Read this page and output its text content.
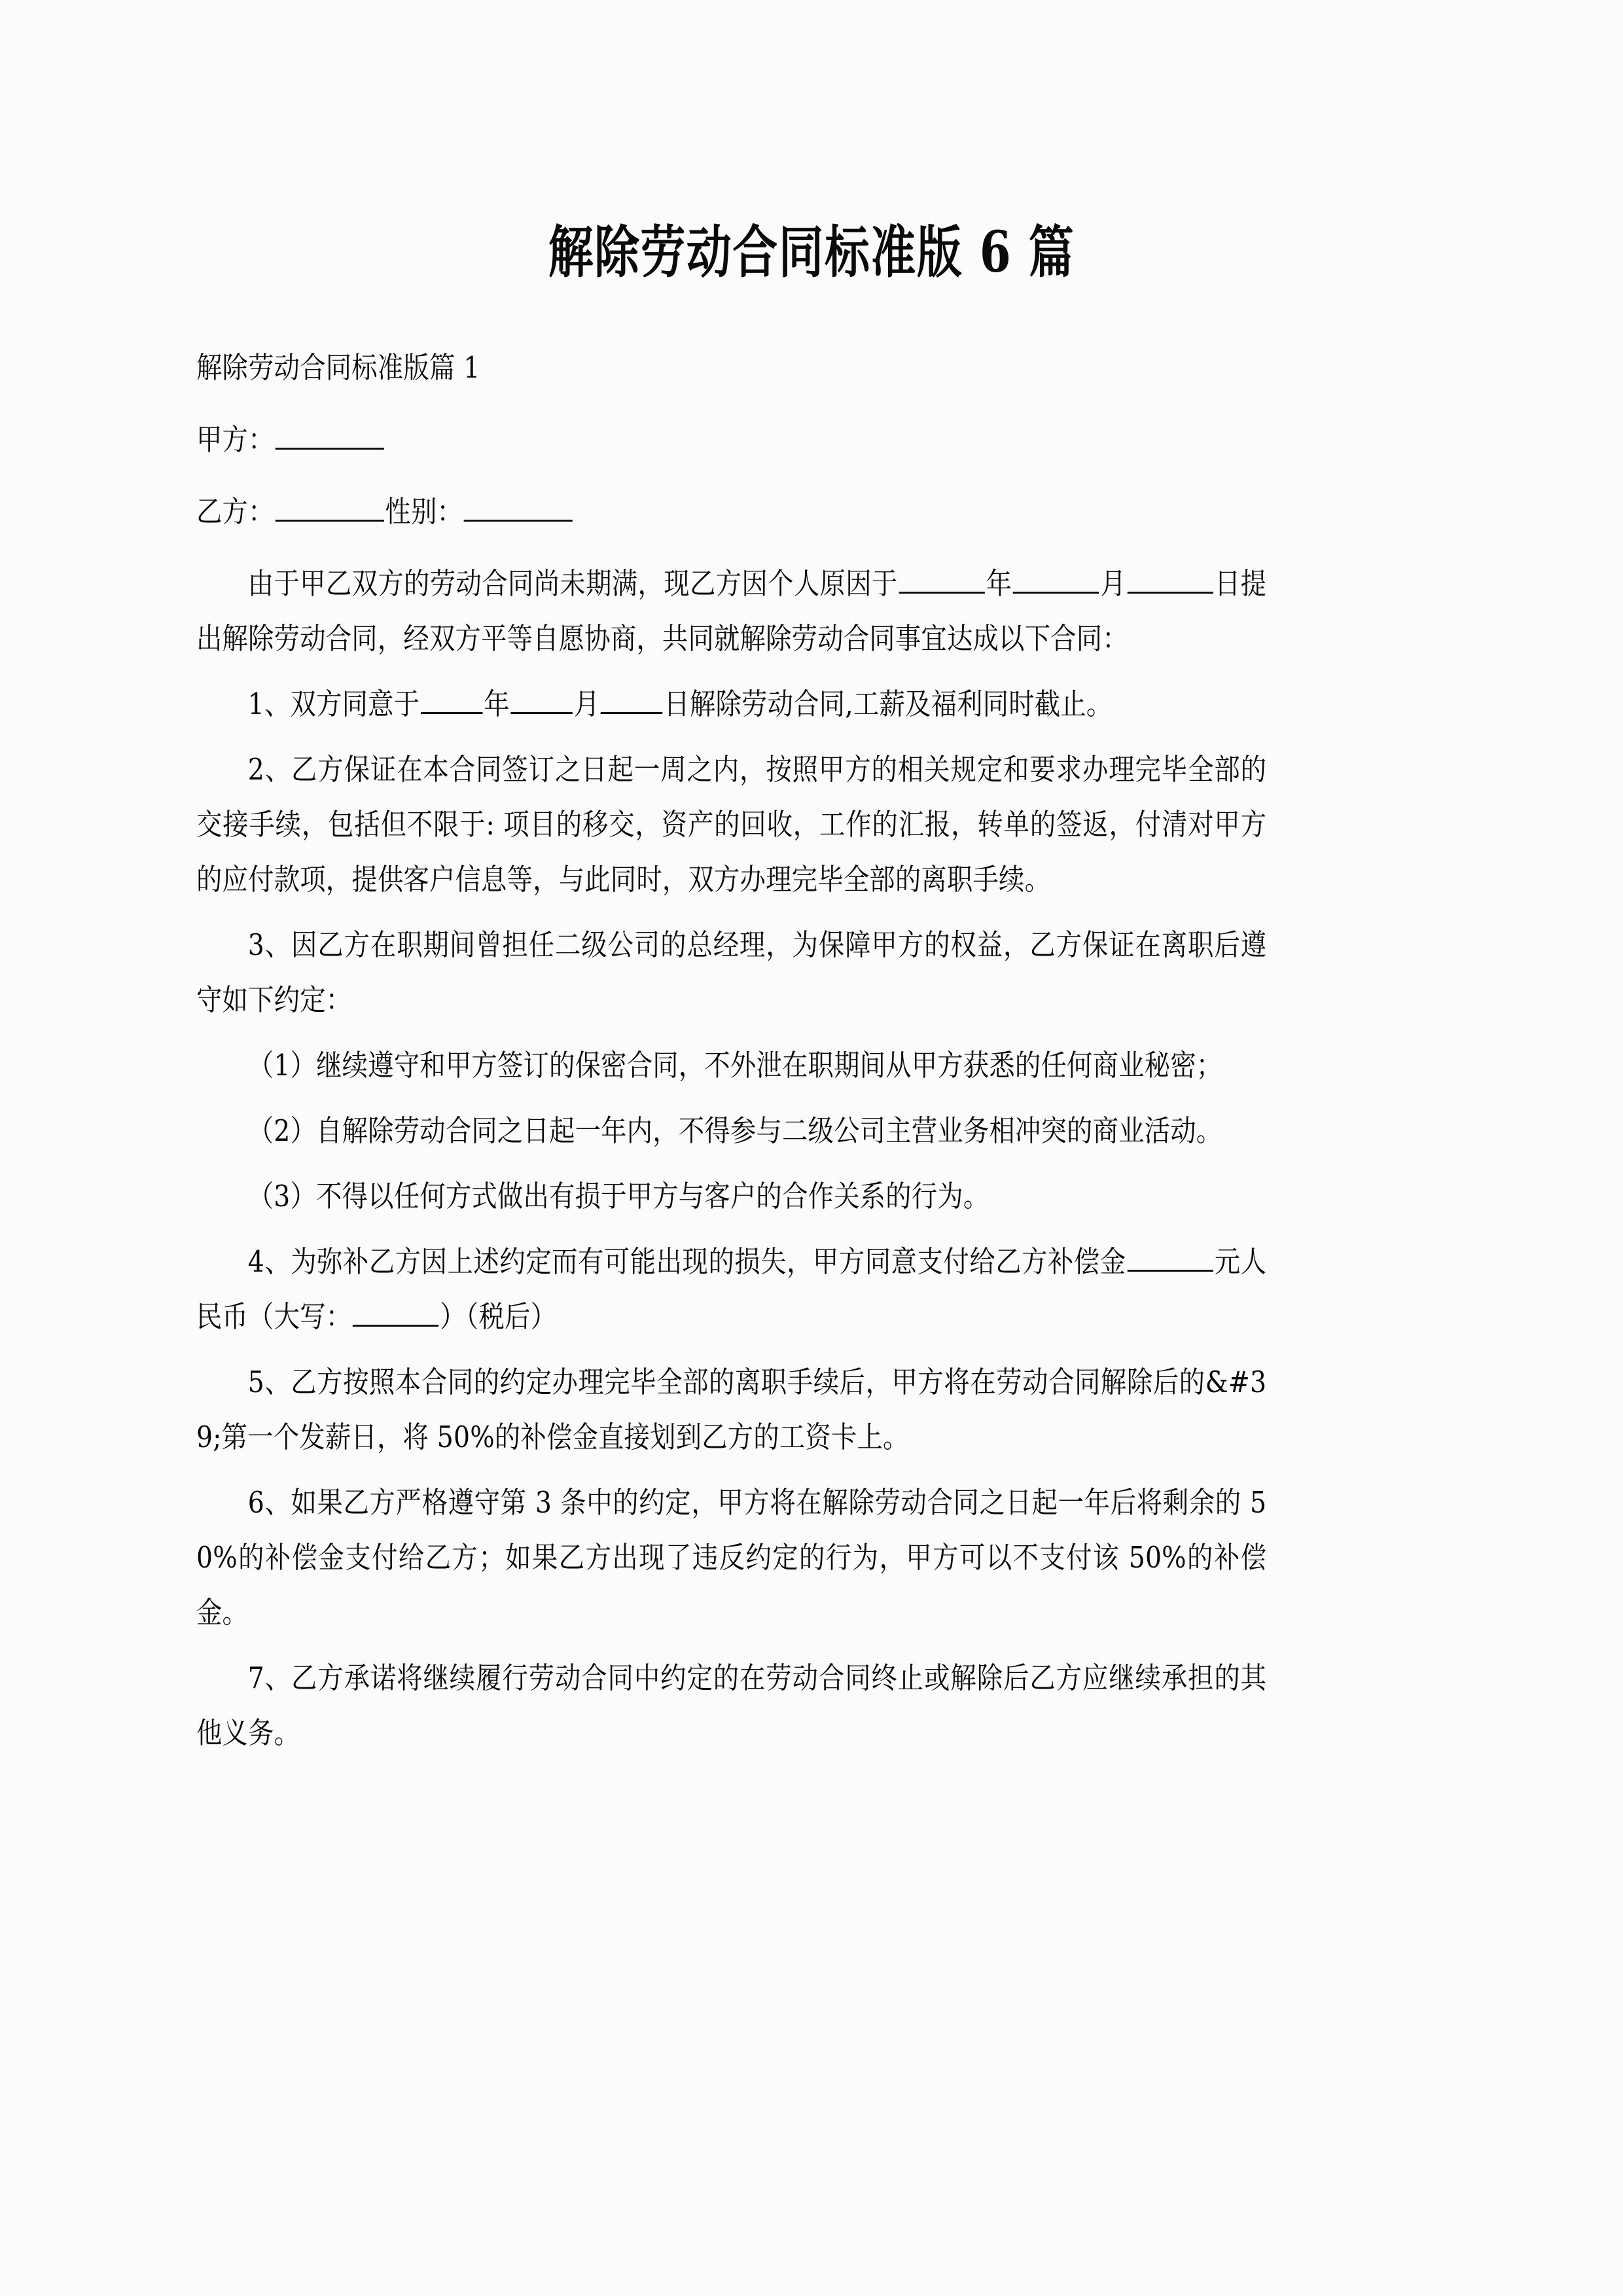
解除劳动合同标准版 6 篇

解除劳动合同标准版篇 1

甲方：

乙方：	性别：

由于甲乙双方的劳动合同尚未期满，现乙方因个人原因于	年	月	日提出解除劳动合同，经双方平等自愿协商，共同就解除劳动合同事宜达成以下合同：

1、双方同意于 年 月 日解除劳动合同,工薪及福利同时截止。

2、乙方保证在本合同签订之日起一周之内，按照甲方的相关规定和要求办理完毕全部的交接手续，包括但不限于: 项目的移交，资产的回收，工作的汇报，转单的签返，付清对甲方的应付款项，提供客户信息等，与此同时，双方办理完毕全部的离职手续。

3、因乙方在职期间曾担任二级公司的总经理，为保障甲方的权益，乙方保证在离职后遵守如下约定：

（1）继续遵守和甲方签订的保密合同，不外泄在职期间从甲方获悉的任何商业秘密；

（2）自解除劳动合同之日起一年内，不得参与二级公司主营业务相冲突的商业活动。

（3）不得以任何方式做出有损于甲方与客户的合作关系的行为。

4、为弥补乙方因上述约定而有可能出现的损失，甲方同意支付给乙方补偿金	元人民币（大写：	）（税后）

5、乙方按照本合同的约定办理完毕全部的离职手续后，甲方将在劳动合同解除后的&#39;第一个发薪日，将 50%的补偿金直接划到乙方的工资卡上。

6、如果乙方严格遵守第 3 条中的约定，甲方将在解除劳动合同之日起一年后将剩余的 50%的补偿金支付给乙方；如果乙方出现了违反约定的行为，甲方可以不支付该 50%的补偿金。

7、乙方承诺将继续履行劳动合同中约定的在劳动合同终止或解除后乙方应继续承担的其他义务。
